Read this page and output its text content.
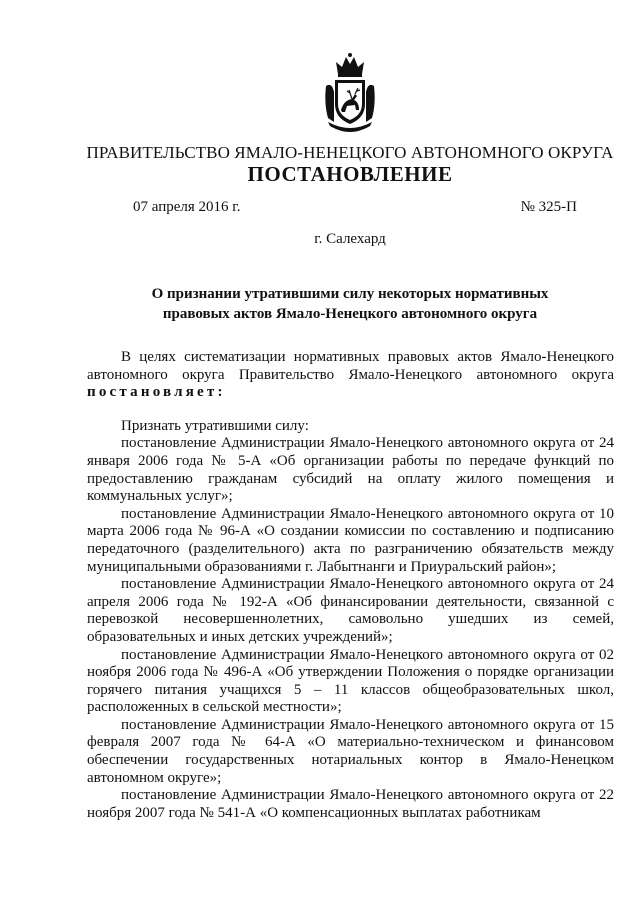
ПРАВИТЕЛЬСТВО ЯМАЛО-НЕНЕЦКОГО АВТОНОМНОГО ОКРУГА
ПОСТАНОВЛЕНИЕ
07 апреля 2016 г.	№ 325-П
г. Салехард
О признании утратившими силу некоторых нормативных
правовых актов Ямало-Ненецкого автономного округа

В целях систематизации нормативных правовых актов Ямало-Ненецкого автономного округа Правительство Ямало-Ненецкого автономного округа постановляет:

Признать утратившими силу:

постановление Администрации Ямало-Ненецкого автономного округа от 24 января 2006 года № 5-А «Об организации работы по передаче функций по предоставлению гражданам субсидий на оплату жилого помещения и коммунальных услуг»;

постановление Администрации Ямало-Ненецкого автономного округа от 10 марта 2006 года № 96-А «О создании комиссии по составлению и подписанию передаточного (разделительного) акта по разграничению обязательств между муниципальными образованиями г. Лабытнанги и Приуральский район»;

постановление Администрации Ямало-Ненецкого автономного округа от 24 апреля 2006 года № 192-А «Об финансировании деятельности, связанной с перевозкой несовершеннолетних, самовольно ушедших из семей, образовательных и иных детских учреждений»;

постановление Администрации Ямало-Ненецкого автономного округа от 02 ноября 2006 года № 496-А «Об утверждении Положения о порядке организации горячего питания учащихся 5 – 11 классов общеобразовательных школ, расположенных в сельской местности»;

постановление Администрации Ямало-Ненецкого автономного округа от 15 февраля 2007 года № 64-А «О материально-техническом и финансовом обеспечении государственных нотариальных контор в Ямало-Ненецком автономном округе»;

постановление Администрации Ямало-Ненецкого автономного округа от 22 ноября 2007 года № 541-А «О компенсационных выплатах работникам
